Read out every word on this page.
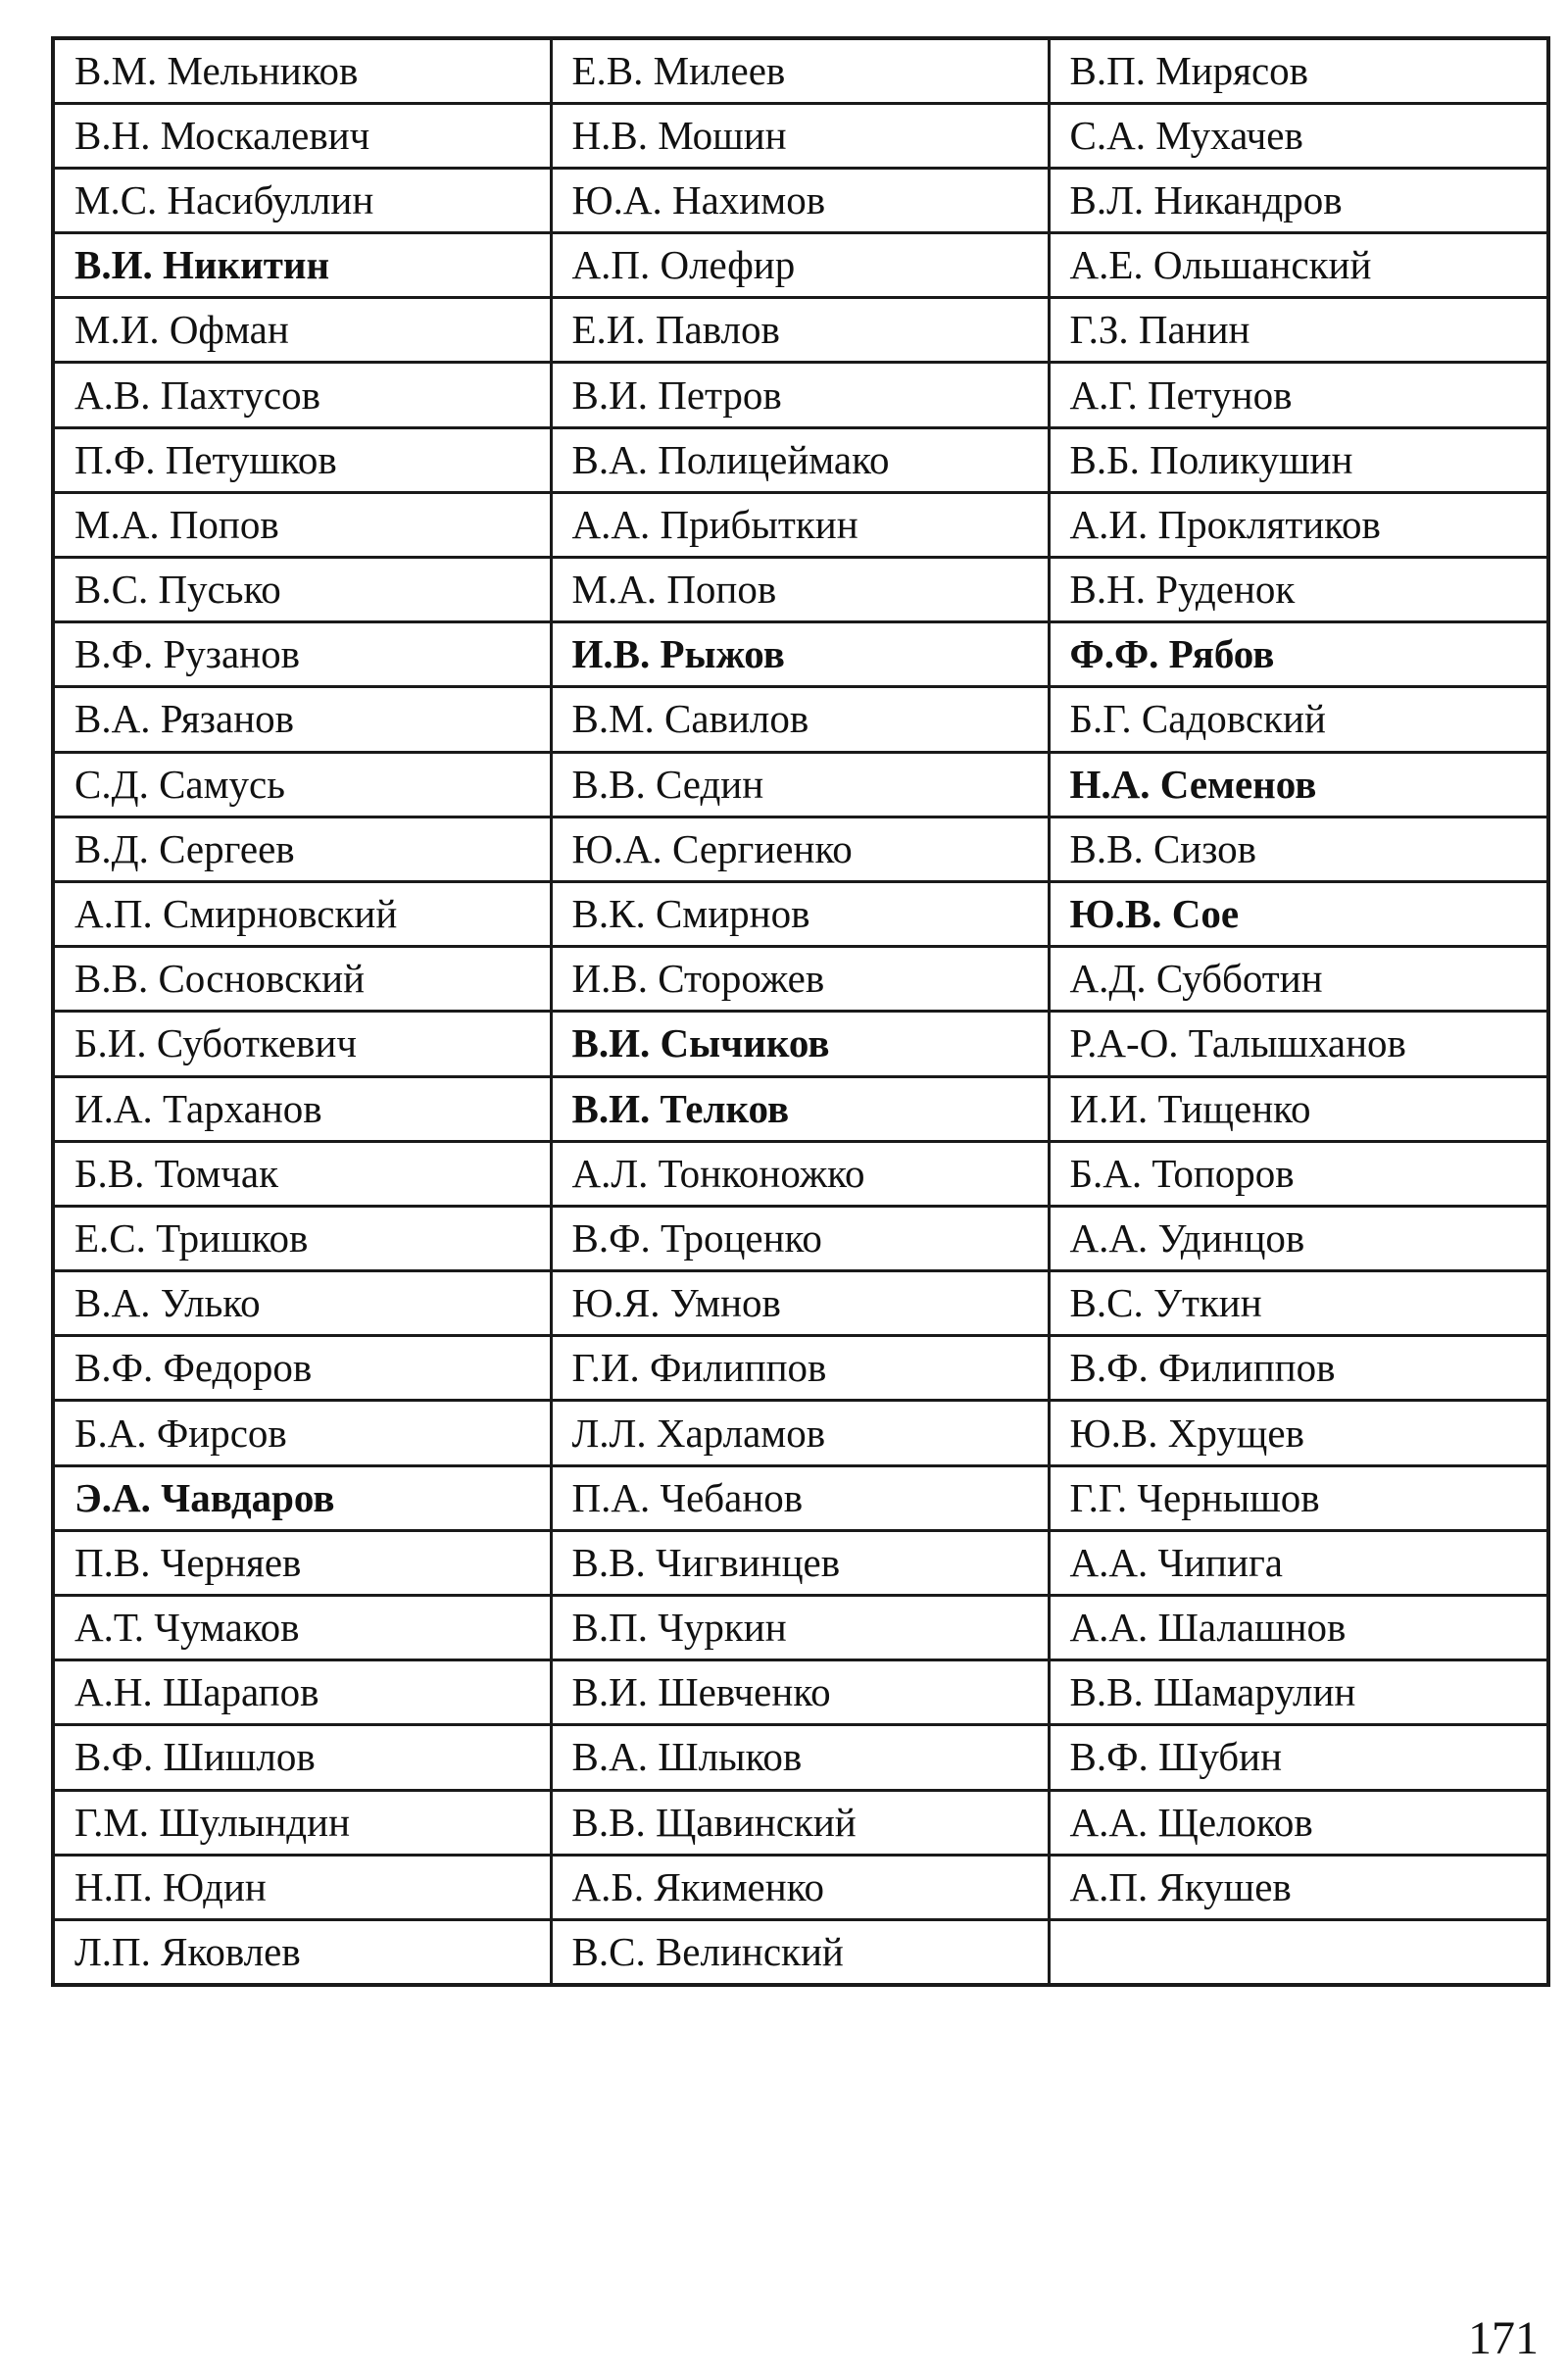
В.М. Мельников	Е.В. Милеев	В.П. Мирясов
В.Н. Москалевич	Н.В. Мошин	С.А. Мухачев
М.С. Насибуллин	Ю.А. Нахимов	В.Л. Никандров
В.И. Никитин	А.П. Олефир	А.Е. Ольшанский
М.И. Офман	Е.И. Павлов	Г.З. Панин
А.В. Пахтусов	В.И. Петров	А.Г. Петунов
П.Ф. Петушков	В.А. Полицеймако	В.Б. Поликушин
М.А. Попов	А.А. Прибыткин	А.И. Проклятиков
В.С. Пусько	М.А. Попов	В.Н. Руденок
В.Ф. Рузанов	И.В. Рыжов	Ф.Ф. Рябов
В.А. Рязанов	В.М. Савилов	Б.Г. Садовский
С.Д. Самусь	В.В. Седин	Н.А. Семенов
В.Д. Сергеев	Ю.А. Сергиенко	В.В. Сизов
А.П. Смирновский	В.К. Смирнов	Ю.В. Сое
В.В. Сосновский	И.В. Сторожев	А.Д. Субботин
Б.И. Суботкевич	В.И. Сычиков	Р.А-О. Талышханов
И.А. Тарханов	В.И. Телков	И.И. Тищенко
Б.В. Томчак	А.Л. Тонконожко	Б.А. Топоров
Е.С. Тришков	В.Ф. Троценко	А.А. Удинцов
В.А. Улько	Ю.Я. Умнов	В.С. Уткин
В.Ф. Федоров	Г.И. Филиппов	В.Ф. Филиппов
Б.А. Фирсов	Л.Л. Харламов	Ю.В. Хрущев
Э.А. Чавдаров	П.А. Чебанов	Г.Г. Чернышов
П.В. Черняев	В.В. Чигвинцев	А.А. Чипига
А.Т. Чумаков	В.П. Чуркин	А.А. Шалашнов
А.Н. Шарапов	В.И. Шевченко	В.В. Шамарулин
В.Ф. Шишлов	В.А. Шлыков	В.Ф. Шубин
Г.М. Шулындин	В.В. Щавинский	А.А. Щелоков
Н.П. Юдин	А.Б. Якименко	А.П. Якушев
Л.П. Яковлев	В.С. Велинский	
171
